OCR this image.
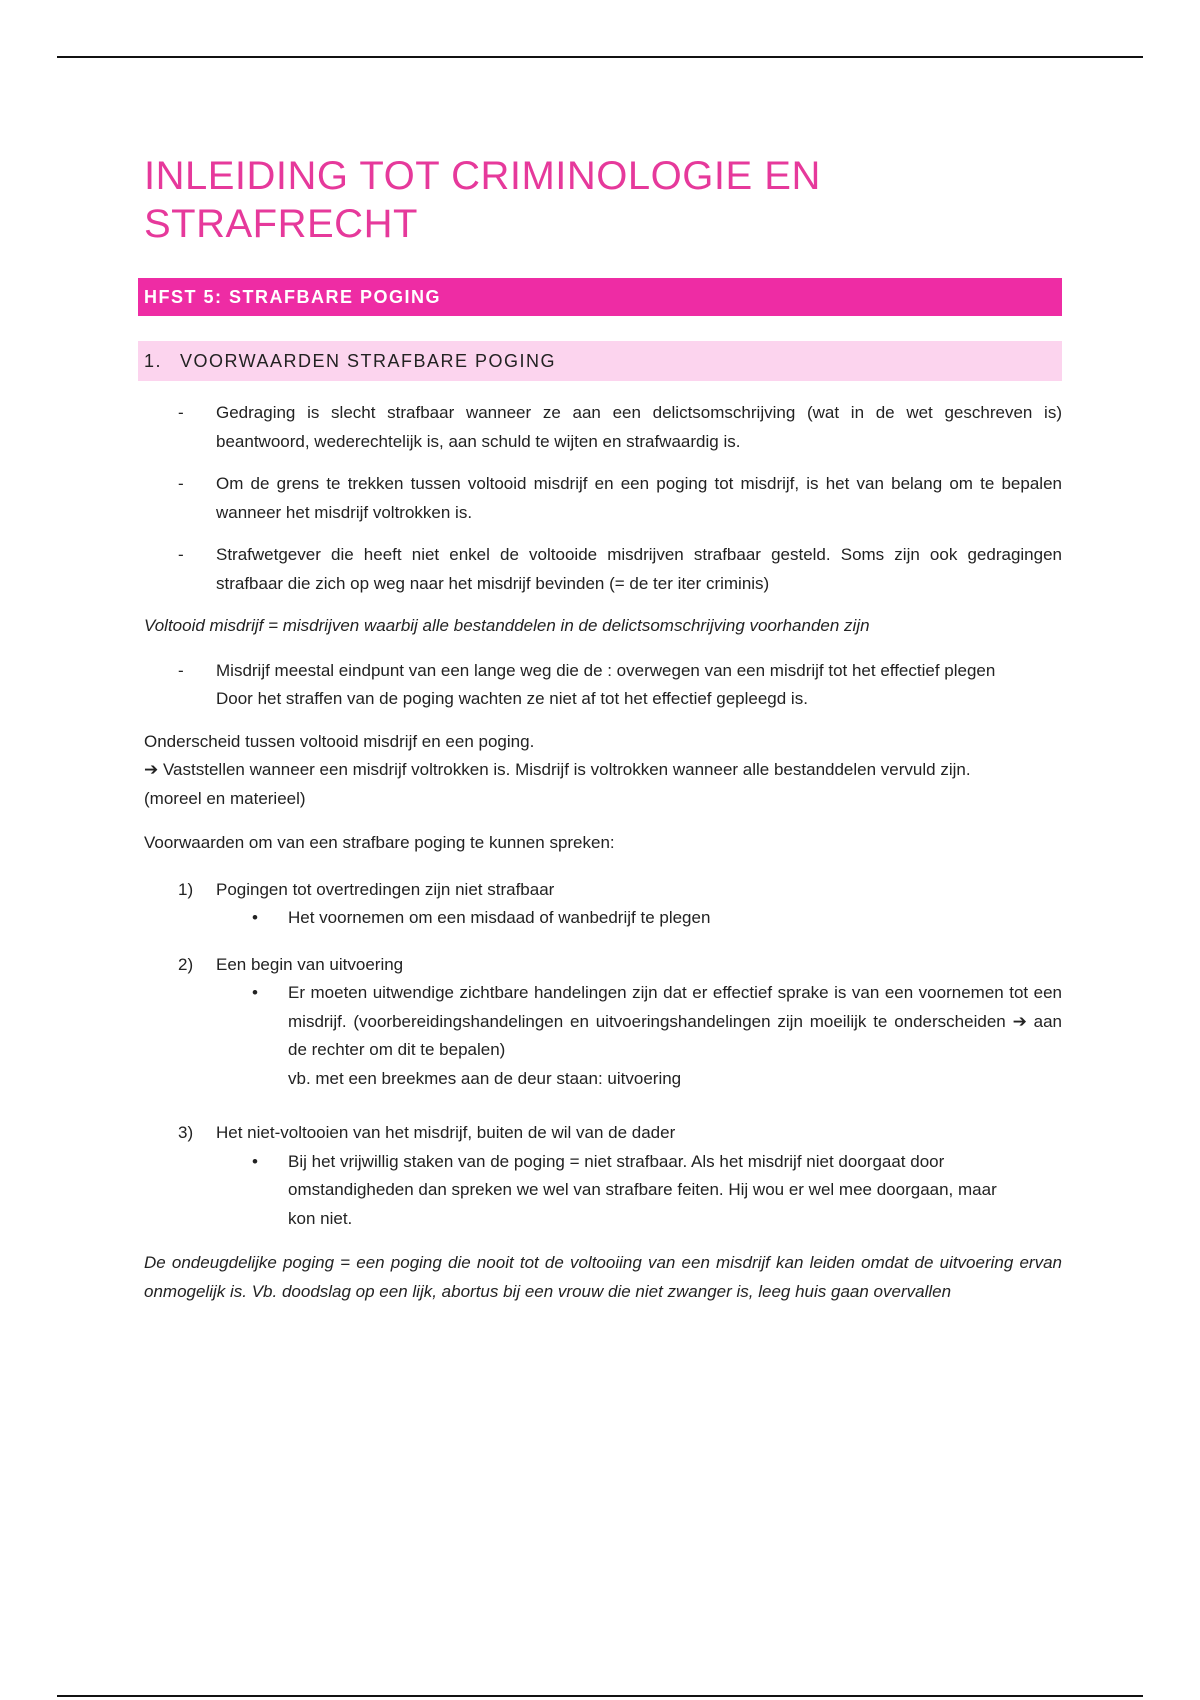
INLEIDING TOT CRIMINOLOGIE EN STRAFRECHT
HFST 5: STRAFBARE POGING
1. VOORWAARDEN STRAFBARE POGING
- Gedraging is slecht strafbaar wanneer ze aan een delictsomschrijving (wat in de wet geschreven is) beantwoord, wederechtelijk is, aan schuld te wijten en strafwaardig is.
- Om de grens te trekken tussen voltooid misdrijf en een poging tot misdrijf, is het van belang om te bepalen wanneer het misdrijf voltrokken is.
- Strafwetgever die heeft niet enkel de voltooide misdrijven strafbaar gesteld. Soms zijn ook gedragingen strafbaar die zich op weg naar het misdrijf bevinden (= de ter iter criminis)

Voltooid misdrijf = misdrijven waarbij alle bestanddelen in de delictsomschrijving voorhanden zijn

- Misdrijf meestal eindpunt van een lange weg die de : overwegen van een misdrijf tot het effectief plegen
Door het straffen van de poging wachten ze niet af tot het effectief gepleegd is.

Onderscheid tussen voltooid misdrijf en een poging.

➔ Vaststellen wanneer een misdrijf voltrokken is. Misdrijf is voltrokken wanneer alle bestanddelen vervuld zijn. (moreel en materieel)

Voorwaarden om van een strafbare poging te kunnen spreken:

1) Pogingen tot overtredingen zijn niet strafbaar
• Het voornemen om een misdaad of wanbedrijf te plegen
2) Een begin van uitvoering
• Er moeten uitwendige zichtbare handelingen zijn dat er effectief sprake is van een voornemen tot een misdrijf. (voorbereidingshandelingen en uitvoeringshandelingen zijn moeilijk te onderscheiden ➔ aan de rechter om dit te bepalen)
vb. met een breekmes aan de deur staan: uitvoering
3) Het niet-voltooien van het misdrijf, buiten de wil van de dader
• Bij het vrijwillig staken van de poging = niet strafbaar. Als het misdrijf niet doorgaat door omstandigheden dan spreken we wel van strafbare feiten. Hij wou er wel mee doorgaan, maar kon niet.

De ondeugdelijke poging = een poging die nooit tot de voltooiing van een misdrijf kan leiden omdat de uitvoering ervan onmogelijk is. Vb. doodslag op een lijk, abortus bij een vrouw die niet zwanger is, leeg huis gaan overvallen
